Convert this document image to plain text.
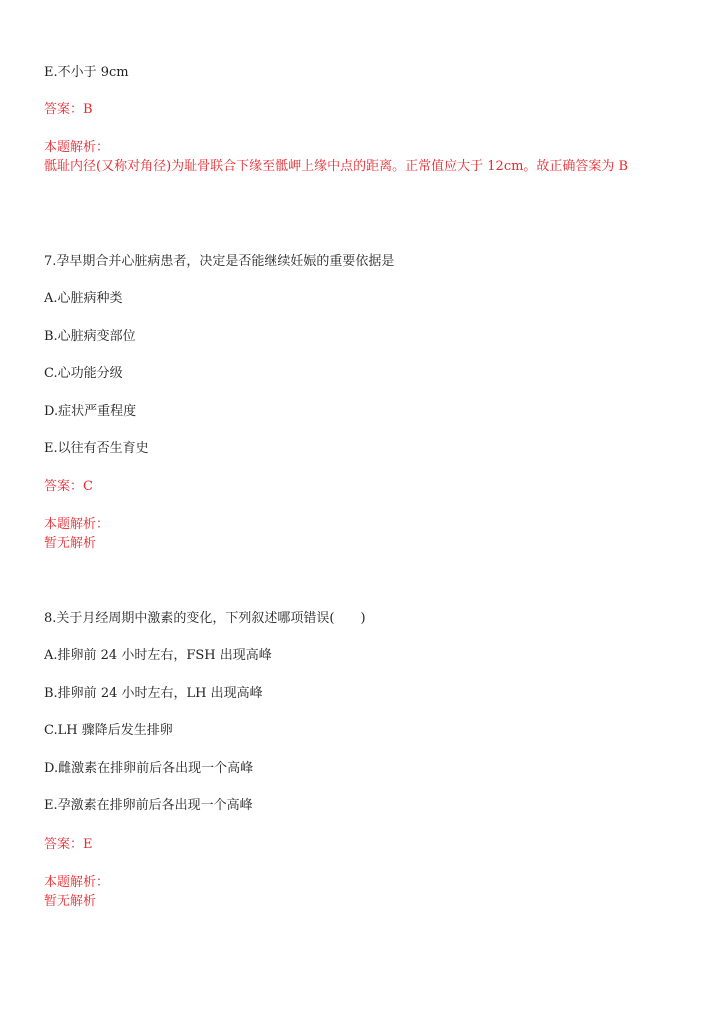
E.不小于 9cm
答案：B
本题解析：
骶耻内径(又称对角径)为耻骨联合下缘至骶岬上缘中点的距离。正常值应大于 12cm。故正确答案为 B
7.孕早期合并心脏病患者，决定是否能继续妊娠的重要依据是
A.心脏病种类
B.心脏病变部位
C.心功能分级
D.症状严重程度
E.以往有否生育史
答案：C
本题解析：
暂无解析
8.关于月经周期中激素的变化，下列叙述哪项错误(　　)
A.排卵前 24 小时左右，FSH 出现高峰
B.排卵前 24 小时左右，LH 出现高峰
C.LH 骤降后发生排卵
D.雌激素在排卵前后各出现一个高峰
E.孕激素在排卵前后各出现一个高峰
答案：E
本题解析：
暂无解析
